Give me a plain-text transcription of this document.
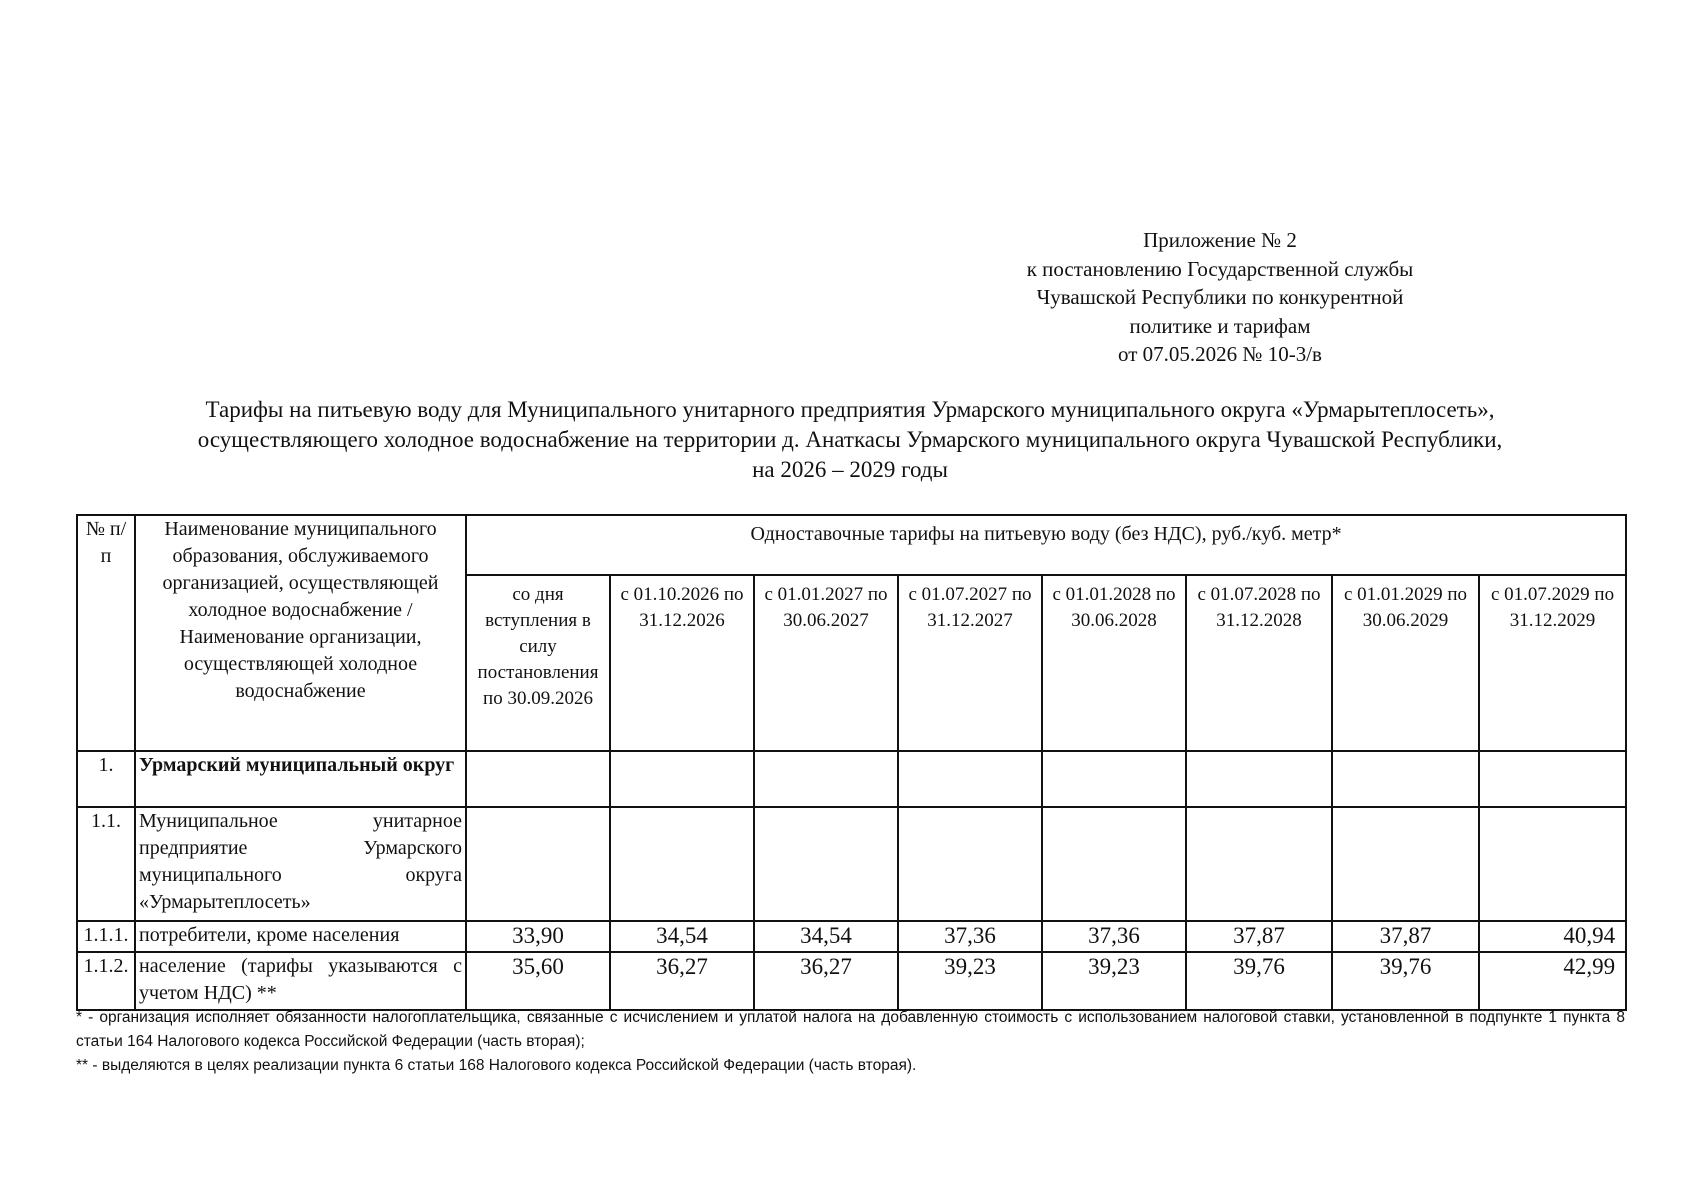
Приложение № 2
к постановлению Государственной службы
Чувашской Республики по конкурентной
политике и тарифам
от 07.05.2026 № 10-3/в
Тарифы на питьевую воду для Муниципального унитарного предприятия Урмарского муниципального округа «Урмарытеплосеть»,
осуществляющего холодное водоснабжение на территории д. Анаткасы Урмарского муниципального округа Чувашской Республики,
на 2026 – 2029 годы
№ п/п	Наименование муниципального образования, обслуживаемого организацией, осуществляющей холодное водоснабжение / Наименование организации, осуществляющей холодное водоснабжение	Одноставочные тарифы на питьевую воду (без НДС), руб./куб. метр*							
		со дня вступления в силу постановления по 30.09.2026	с 01.10.2026 по 31.12.2026	с 01.01.2027 по 30.06.2027	с 01.07.2027 по 31.12.2027	с 01.01.2028 по 30.06.2028	с 01.07.2028 по 31.12.2028	с 01.01.2029 по 30.06.2029	с 01.07.2029 по 31.12.2029
1.	Урмарский муниципальный округ								
1.1.	Муниципальное унитарное предприятие Урмарского муниципального округа «Урмарытеплосеть»								
1.1.1.	потребители, кроме населения	33,90	34,54	34,54	37,36	37,36	37,87	37,87	40,94
1.1.2.	население (тарифы указываются с учетом НДС) **	35,60	36,27	36,27	39,23	39,23	39,76	39,76	42,99

* - организация исполняет обязанности налогоплательщика, связанные с исчислением и уплатой налога на добавленную стоимость с использованием налоговой ставки, установленной в подпункте 1 пункта 8 статьи 164 Налогового кодекса Российской Федерации (часть вторая);

** - выделяются в целях реализации пункта 6 статьи 168 Налогового кодекса Российской Федерации (часть вторая).
